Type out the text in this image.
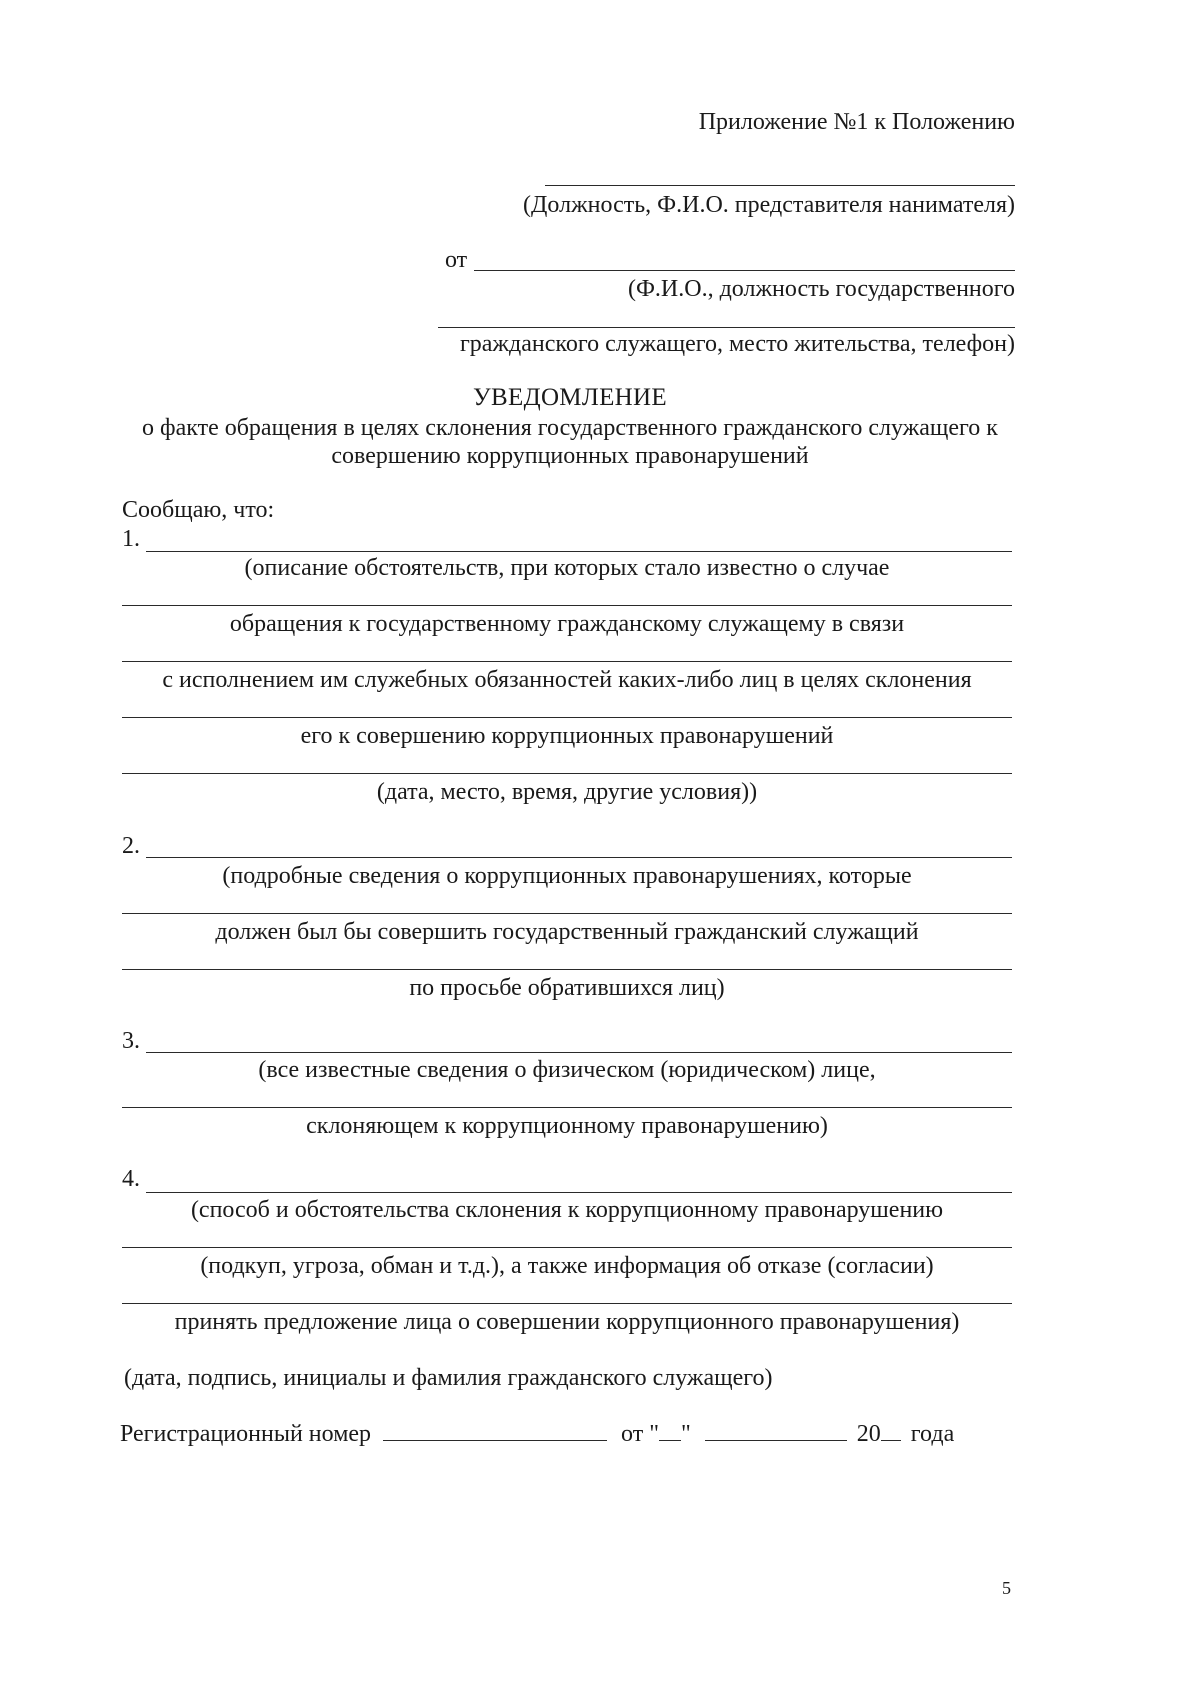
Приложение №1 к Положению
(Должность, Ф.И.О. представителя нанимателя)
от
(Ф.И.О., должность государственного
гражданского служащего, место жительства, телефон)
УВЕДОМЛЕНИЕ
о факте обращения в целях склонения государственного гражданского служащего к
совершению коррупционных правонарушений
Сообщаю, что:
1.
(описание обстоятельств, при которых стало известно о случае
обращения к государственному гражданскому служащему в связи
с исполнением им служебных обязанностей каких-либо лиц в целях склонения
его к совершению коррупционных правонарушений
(дата, место, время, другие условия))
2.
(подробные сведения о коррупционных правонарушениях, которые
должен был бы совершить государственный гражданский служащий
по просьбе обратившихся лиц)
3.
(все известные сведения о физическом (юридическом) лице,
склоняющем к коррупционному правонарушению)
4.
(способ и обстоятельства склонения к коррупционному правонарушению
(подкуп, угроза, обман и т.д.), а также информация об отказе (согласии)
принять предложение лица о совершении коррупционного правонарушения)
(дата, подпись, инициалы и фамилия гражданского служащего)
Регистрационный номер	от " "	20 года
5
